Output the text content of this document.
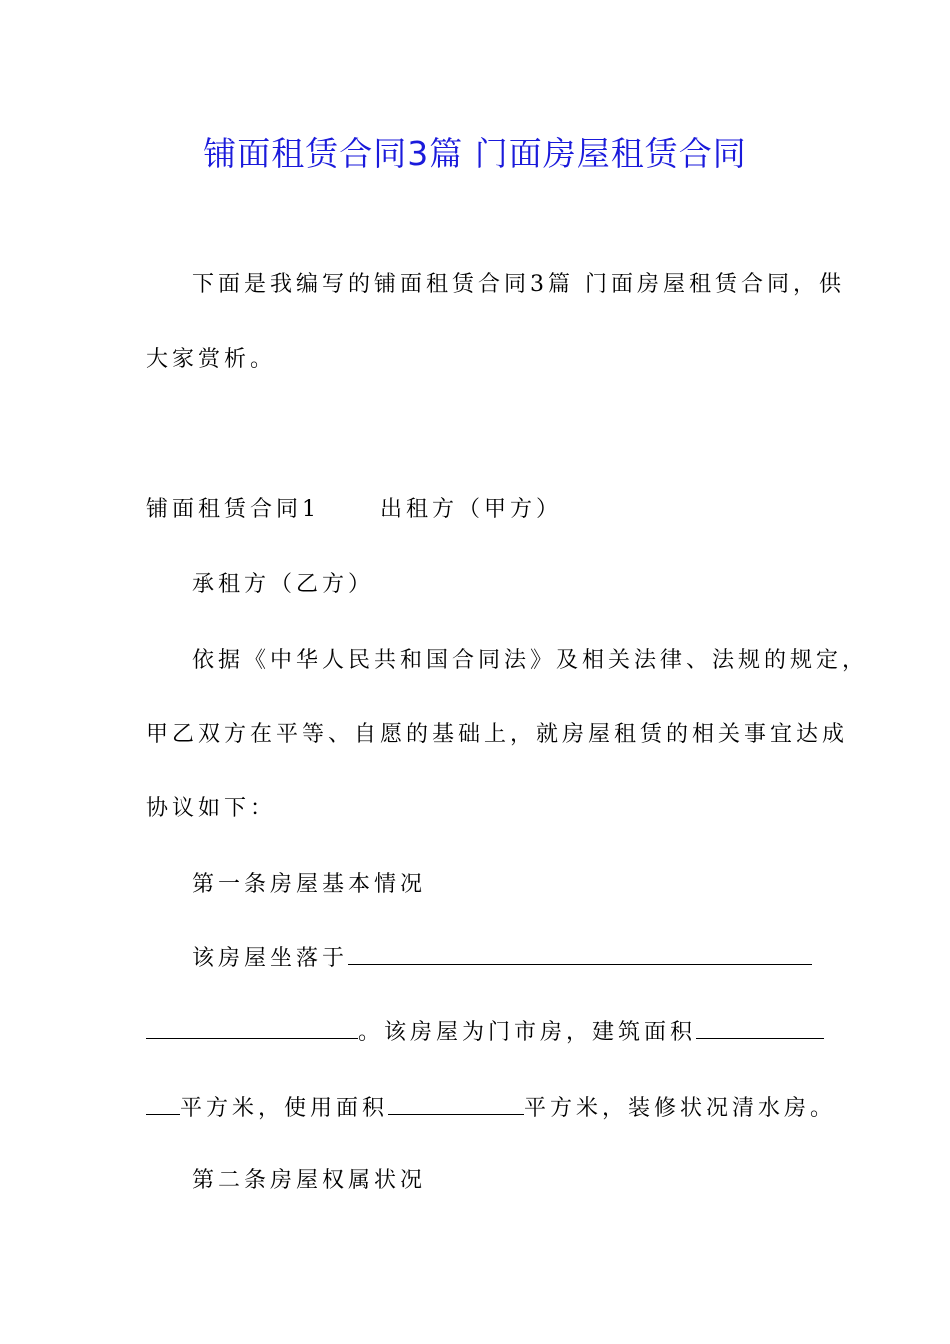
铺面租赁合同3篇 门面房屋租赁合同
下面是我编写的铺面租赁合同3篇 门面房屋租赁合同，供
大家赏析。
铺面租赁合同1	出租方（甲方）
承租方（乙方）
依据《中华人民共和国合同法》及相关法律、法规的规定，
甲乙双方在平等、自愿的基础上，就房屋租赁的相关事宜达成
协议如下：
第一条房屋基本情况
该房屋坐落于
。该房屋为门市房，建筑面积
平方米，使用面积	平方米，装修状况清水房。
第二条房屋权属状况
